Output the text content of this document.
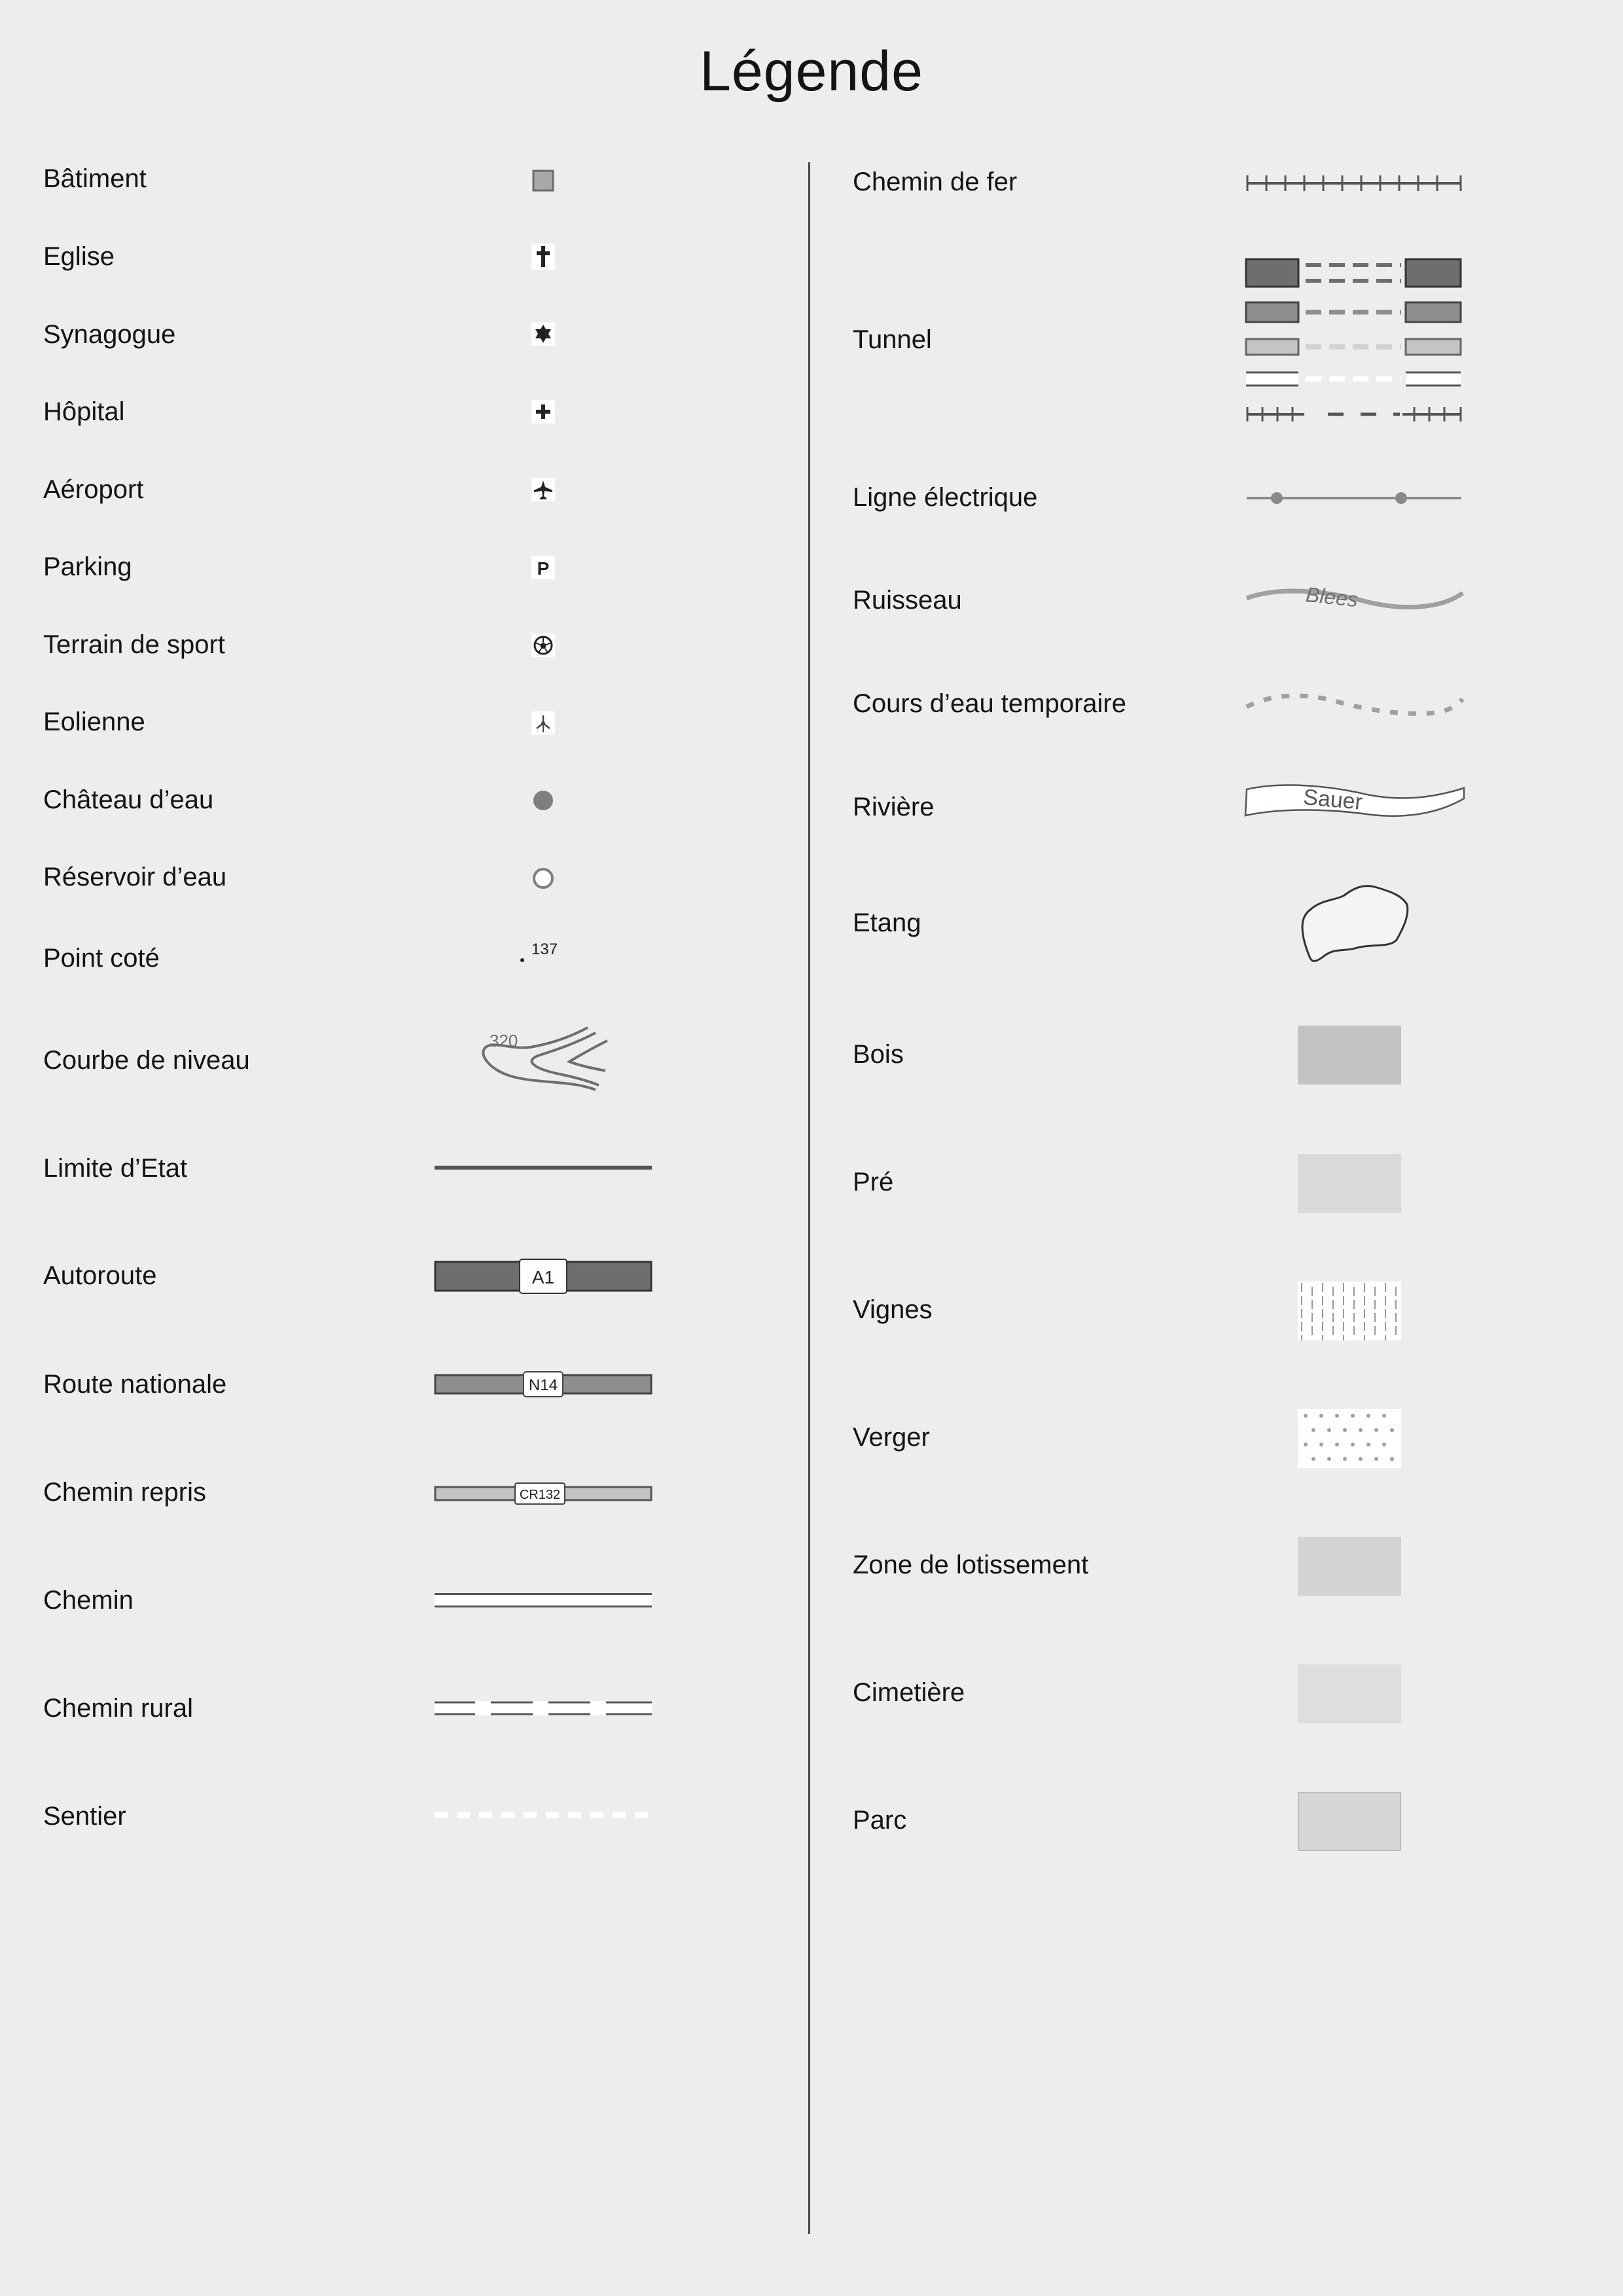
Légende
Bâtiment
Eglise
Synagogue
Hôpital
Aéroport
Parking	P
Terrain de sport
Eolienne
Château d’eau
Réservoir d’eau
Point coté	137
Courbe de niveau
320
Limite d’Etat
Autoroute	A1
Route nationale	N14
Chemin repris	CR132
Chemin
Chemin rural
Sentier
Chemin de fer
Tunnel
Ligne électrique
Ruisseau	Blees
Cours d’eau temporaire
Rivière	Sauer
Etang
Bois
Pré
Vignes
Verger
Zone de lotissement
Cimetière
Parc
